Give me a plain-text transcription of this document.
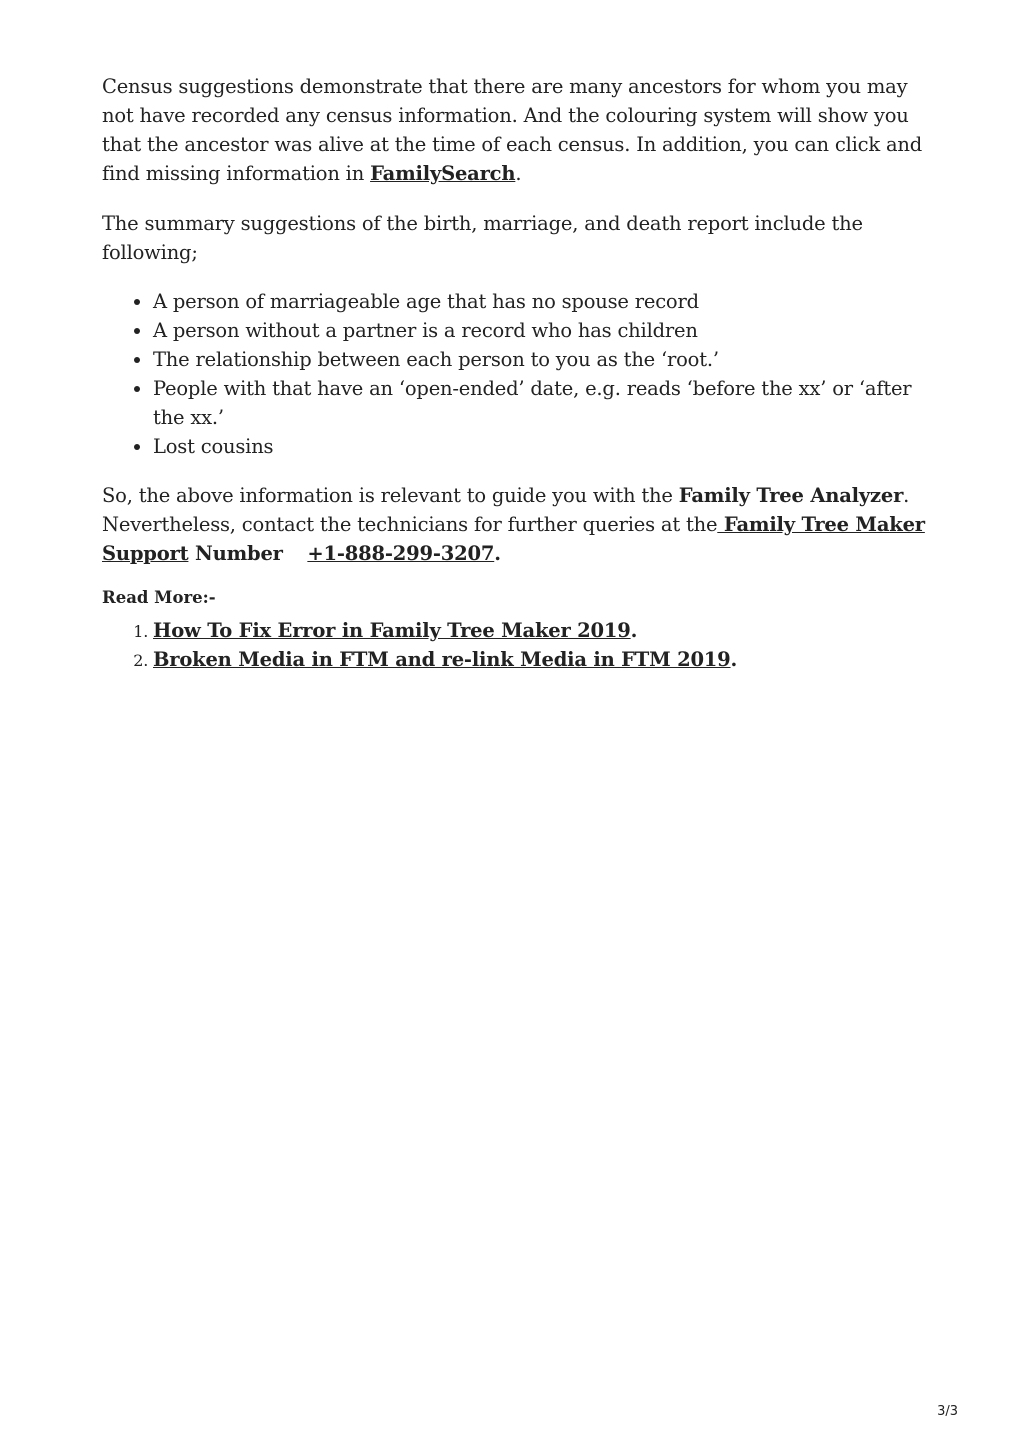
Census suggestions demonstrate that there are many ancestors for whom you may not have recorded any census information. And the colouring system will show you that the ancestor was alive at the time of each census. In addition, you can click and find missing information in FamilySearch.

The summary suggestions of the birth, marriage, and death report include the following;

• A person of marriageable age that has no spouse record
• A person without a partner is a record who has children
• The relationship between each person to you as the ‘root.’
• People with that have an ‘open-ended’ date, e.g. reads ‘before the xx’ or ‘after the xx.’
• Lost cousins

So, the above information is relevant to guide you with the Family Tree Analyzer. Nevertheless, contact the technicians for further queries at the Family Tree Maker Support Number +1-888-299-3207.

Read More:-
1. How To Fix Error in Family Tree Maker 2019.
2. Broken Media in FTM and re-link Media in FTM 2019.
3/3
